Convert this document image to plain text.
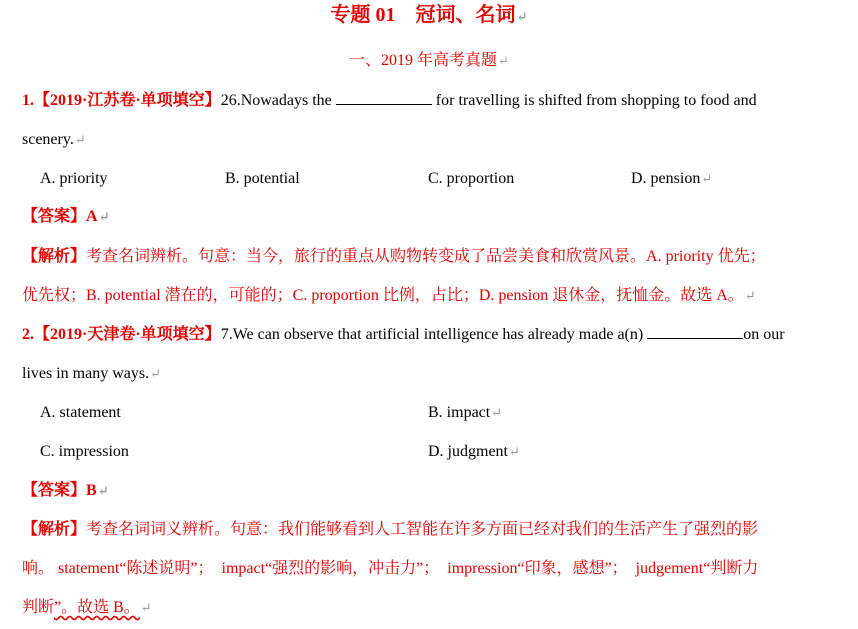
专题 01　冠词、名词↵
一、2019 年高考真题↵
1.【2019·江苏卷·单项填空】26.Nowadays the	for travelling is shifted from shopping to food and
scenery.↵
A. priority	B. potential	C. proportion	D. pension↵
【答案】A↵
【解析】考查名词辨析。句意：当今，旅行的重点从购物转变成了品尝美食和欣赏风景。A. priority 优先；
优先权；B. potential 潜在的，可能的；C. proportion 比例，占比；D. pension 退休金，抚恤金。故选 A。↵
2.【2019·天津卷·单项填空】7.We can observe that artificial intelligence has already made a(n)	on our
lives in many ways.↵
A. statement	B. impact↵
C. impression	D. judgment↵
【答案】B↵
【解析】考查名词词义辨析。句意：我们能够看到人工智能在许多方面已经对我们的生活产生了强烈的影
响。 statement“陈述说明”；　impact“强烈的影响，冲击力”；　impression“印象，感想”；　judgement“判断力
判断”。故选 B。↵
